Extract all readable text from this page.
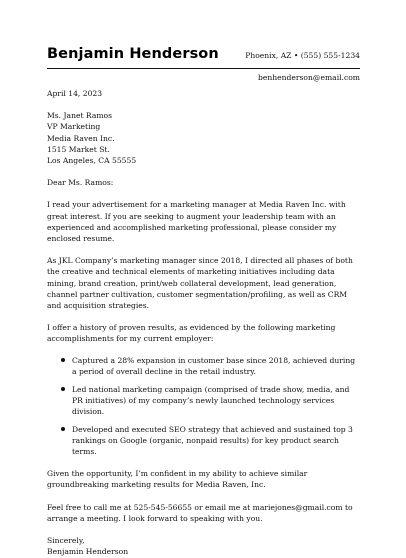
Benjamin Henderson	Phoenix, AZ • (555) 555-1234
benhenderson@email.com
April 14, 2023
Ms. Janet Ramos
VP Marketing
Media Raven Inc.
1515 Market St.
Los Angeles, CA 55555
Dear Ms. Ramos:
I read your advertisement for a marketing manager at Media Raven Inc. with great interest. If you are seeking to augment your leadership team with an experienced and accomplished marketing professional, please consider my enclosed resume.
As JKL Company’s marketing manager since 2018, I directed all phases of both the creative and technical elements of marketing initiatives including data mining, brand creation, print/web collateral development, lead generation, channel partner cultivation, customer segmentation/profiling, as well as CRM and acquisition strategies.
I offer a history of proven results, as evidenced by the following marketing accomplishments for my current employer:
Captured a 28% expansion in customer base since 2018, achieved during a period of overall decline in the retail industry.
Led national marketing campaign (comprised of trade show, media, and PR initiatives) of my company’s newly launched technology services division.
Developed and executed SEO strategy that achieved and sustained top 3 rankings on Google (organic, nonpaid results) for key product search terms.
Given the opportunity, I’m confident in my ability to achieve similar groundbreaking marketing results for Media Raven, Inc.
Feel free to call me at 525-545-56655 or email me at mariejones@gmail.com to arrange a meeting. I look forward to speaking with you.
Sincerely,
Benjamin Henderson
